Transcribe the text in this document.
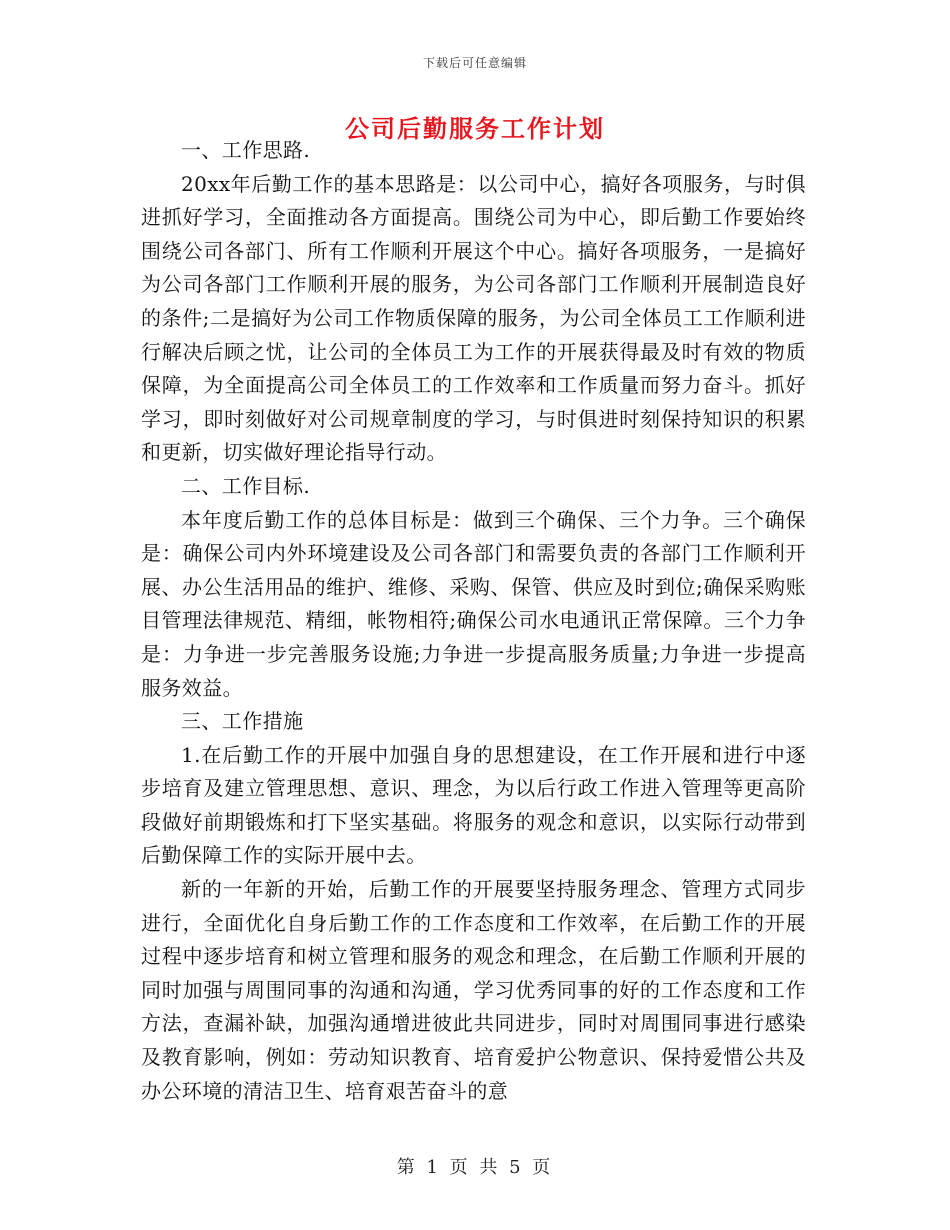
下载后可任意编辑
公司后勤服务工作计划

一、工作思路.

20xx年后勤工作的基本思路是：以公司中心，搞好各项服务，与时俱进抓好学习，全面推动各方面提高。围绕公司为中心，即后勤工作要始终围绕公司各部门、所有工作顺利开展这个中心。搞好各项服务，一是搞好为公司各部门工作顺利开展的服务，为公司各部门工作顺利开展制造良好的条件;二是搞好为公司工作物质保障的服务，为公司全体员工工作顺利进行解决后顾之忧，让公司的全体员工为工作的开展获得最及时有效的物质保障，为全面提高公司全体员工的工作效率和工作质量而努力奋斗。抓好学习，即时刻做好对公司规章制度的学习，与时俱进时刻保持知识的积累和更新，切实做好理论指导行动。

二、工作目标.

本年度后勤工作的总体目标是：做到三个确保、三个力争。三个确保是：确保公司内外环境建设及公司各部门和需要负责的各部门工作顺利开展、办公生活用品的维护、维修、采购、保管、供应及时到位;确保采购账目管理法律规范、精细，帐物相符;确保公司水电通讯正常保障。三个力争是：力争进一步完善服务设施;力争进一步提高服务质量;力争进一步提高服务效益。

三、工作措施

1.在后勤工作的开展中加强自身的思想建设，在工作开展和进行中逐步培育及建立管理思想、意识、理念，为以后行政工作进入管理等更高阶段做好前期锻炼和打下坚实基础。将服务的观念和意识，以实际行动带到后勤保障工作的实际开展中去。

新的一年新的开始，后勤工作的开展要坚持服务理念、管理方式同步进行，全面优化自身后勤工作的工作态度和工作效率，在后勤工作的开展过程中逐步培育和树立管理和服务的观念和理念，在后勤工作顺利开展的同时加强与周围同事的沟通和沟通，学习优秀同事的好的工作态度和工作方法，查漏补缺，加强沟通增进彼此共同进步，同时对周围同事进行感染及教育影响，例如：劳动知识教育、培育爱护公物意识、保持爱惜公共及办公环境的清洁卫生、培育艰苦奋斗的意

第 1 页 共 5 页
